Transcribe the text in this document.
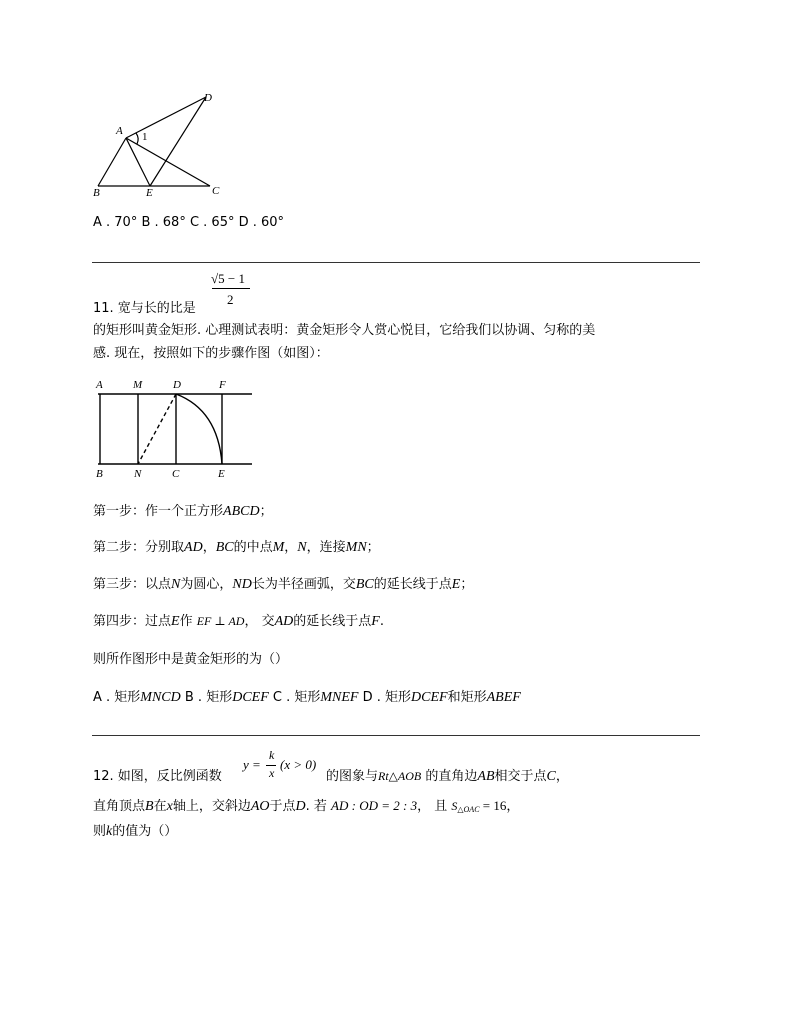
A
D
1
B	E	C
A . 70° B . 68° C . 65° D . 60°
11. 宽与长的比是
√5 − 1
2
的矩形叫黄金矩形. 心理测试表明：黄金矩形令人赏心悦目，它给我们以协调、匀称的美
感. 现在，按照如下的步骤作图（如图）：
A	M	D	F
B	N	C	E
第一步：作一个正方形ABCD；
第二步：分别取AD，BC的中点M，N，连接MN；
第三步：以点N为圆心，ND长为半径画弧，交BC的延长线于点E；
第四步：过点E作 EF ⊥ AD， 交AD的延长线于点F.
则所作图形中是黄金矩形的为（）
A . 矩形MNCD B . 矩形DCEF C . 矩形MNEF D . 矩形DCEF和矩形ABEF
12. 如图，反比例函数
y =
k
x
(x > 0)
的图象与Rt△AOB 的直角边AB相交于点C，
直角顶点B在x轴上，交斜边AO于点D. 若 AD : OD = 2 : 3， 且 S△OAC = 16，
则k的值为（）
